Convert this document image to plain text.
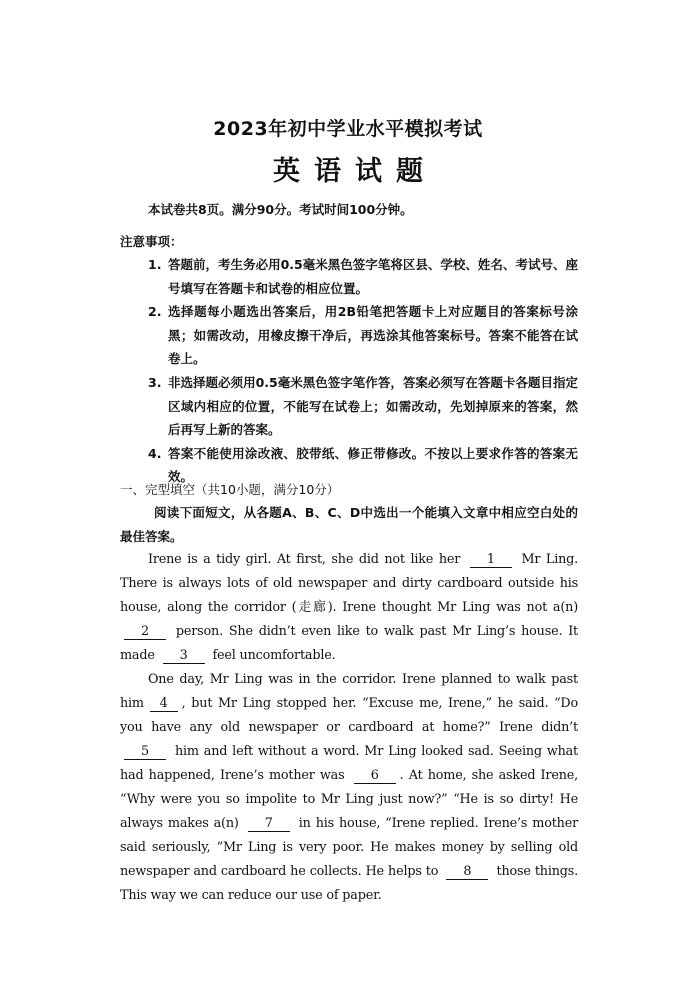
2023年初中学业水平模拟考试
英语试题
本试卷共8页。满分90分。考试时间100分钟。
注意事项：
1. 答题前，考生务必用0.5毫米黑色签字笔将区县、学校、姓名、考试号、座号填写在答题卡和试卷的相应位置。
2. 选择题每小题选出答案后，用2B铅笔把答题卡上对应题目的答案标号涂黑；如需改动，用橡皮擦干净后，再选涂其他答案标号。答案不能答在试卷上。
3. 非选择题必须用0.5毫米黑色签字笔作答，答案必须写在答题卡各题目指定区域内相应的位置，不能写在试卷上；如需改动，先划掉原来的答案，然后再写上新的答案。
4. 答案不能使用涂改液、胶带纸、修正带修改。不按以上要求作答的答案无效。
一、完型填空（共10小题，满分10分）
阅读下面短文，从各题A、B、C、D中选出一个能填入文章中相应空白处的最佳答案。

Irene is a tidy girl. At first, she did not like her 1 Mr Ling. There is always lots of old newspaper and dirty cardboard outside his house, along the corridor (走廊). Irene thought Mr Ling was not a(n) 2 person. She didn’t even like to walk past Mr Ling’s house. It made 3 feel uncomfortable.

One day, Mr Ling was in the corridor. Irene planned to walk past him 4 , but Mr Ling stopped her. “Excuse me, Irene,” he said. “Do you have any old newspaper or cardboard at home?” Irene didn’t 5 him and left without a word. Mr Ling looked sad. Seeing what had happened, Irene’s mother was 6 . At home, she asked Irene, “Why were you so impolite to Mr Ling just now?” “He is so dirty! He always makes a(n) 7 in his house, “Irene replied. Irene’s mother said seriously, “Mr Ling is very poor. He makes money by selling old newspaper and cardboard he collects. He helps to 8 those things. This way we can reduce our use of paper.
